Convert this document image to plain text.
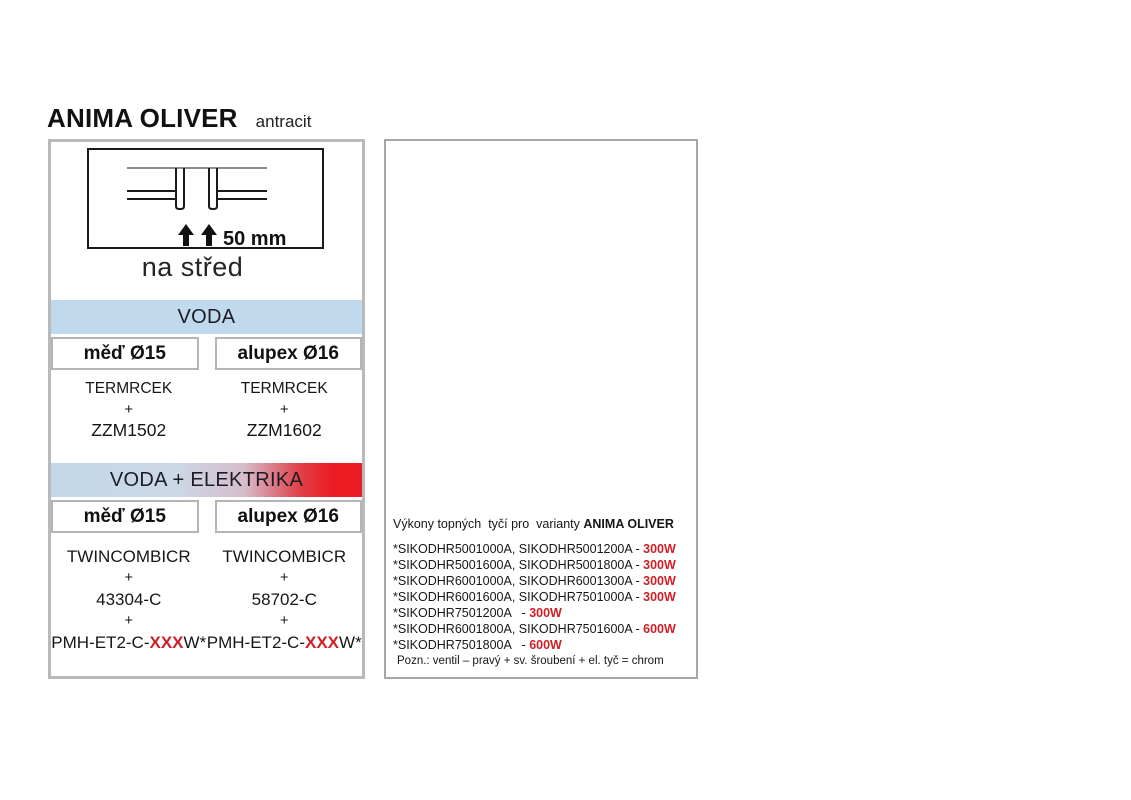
ANIMA OLIVER antracit
50 mm
na střed
VODA
měď Ø15	alupex Ø16
TERMRCEK
+
ZZM1502
TERMRCEK
+
ZZM1602
VODA + ELEKTRIKA
měď Ø15	alupex Ø16
TWINCOMBICR
+
43304-C
+
PMH-ET2-C-XXXW*
TWINCOMBICR
+
58702-C
+
PMH-ET2-C-XXXW*
Výkony topných  tyčí pro  varianty ANIMA OLIVER
*SIKODHR5001000A, SIKODHR5001200A - 300W
*SIKODHR5001600A, SIKODHR5001800A - 300W
*SIKODHR6001000A, SIKODHR6001300A - 300W
*SIKODHR6001600A, SIKODHR7501000A - 300W
*SIKODHR7501200A   - 300W
*SIKODHR6001800A, SIKODHR7501600A - 600W
*SIKODHR7501800A   - 600W
Pozn.: ventil – pravý + sv. šroubení + el. tyč = chrom
